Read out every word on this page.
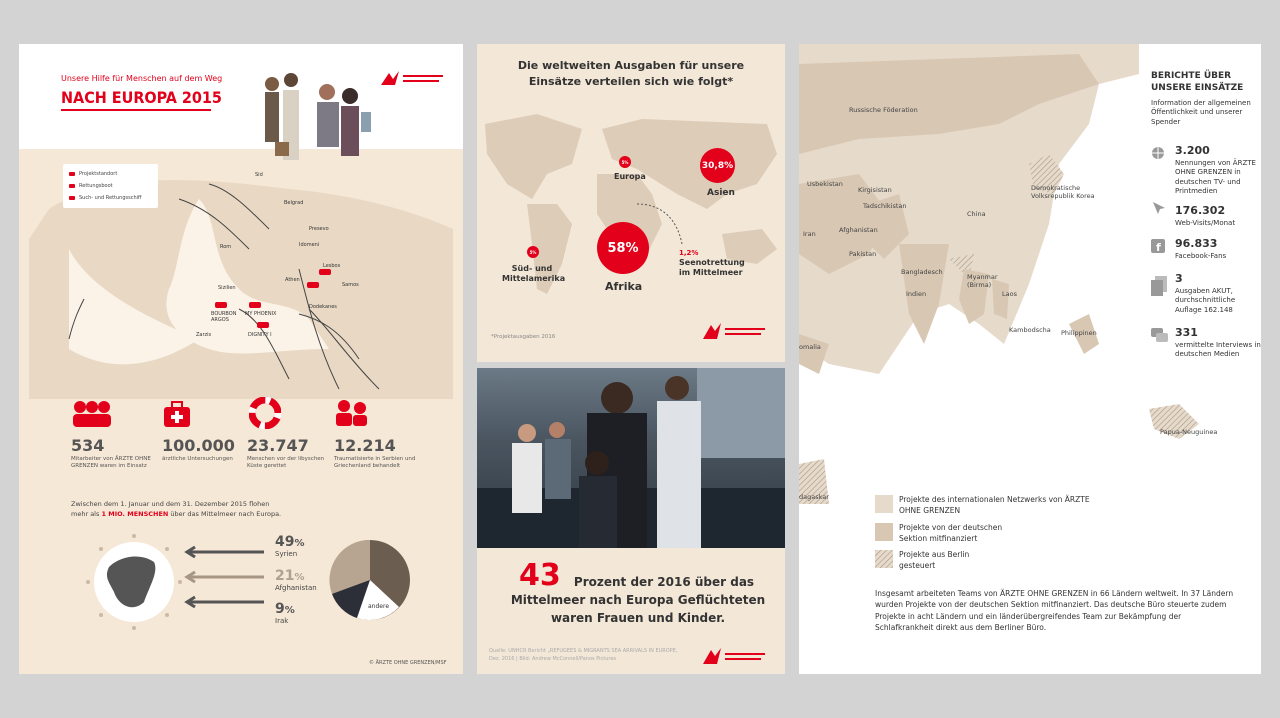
Unsere Hilfe für Menschen auf dem Weg
NACH EUROPA 2015
Projektstandort
Rettungsboot
Such- und Rettungsschiff
Sid
Belgrad
Presevo
Idomeni
Rom
Lesbos
Athen
Samos
Sizilien
Dodekanes
BOURBON ARGOS
MY PHOENIX
DIGNITY I
Zarzis
534
Mitarbeiter von ÄRZTE OHNE GRENZEN waren im Einsatz
100.000
ärztliche Untersuchungen
23.747
Menschen vor der libyschen Küste gerettet
12.214
Traumatisierte in Serbien und Griechenland behandelt
Zwischen dem 1. Januar und dem 31. Dezember 2015 flohen
mehr als 1 MIO. MENSCHEN über das Mittelmeer nach Europa.
49%
Syrien
21%
Afghanistan
9%
Irak
andere
© ÄRZTE OHNE GRENZEN/MSF
Die weltweiten Ausgaben für unsere Einsätze verteilen sich wie folgt*
5%
Europa
30,8%
Asien
58%
Afrika
5%
Süd- und Mittelamerika
1,2%
Seenotrettung im Mittelmeer
*Projektausgaben 2016
43	Prozent der 2016 über das Mittelmeer nach Europa Geflüchteten waren Frauen und Kinder.
Quelle: UNHCR Bericht „REFUGEES & MIGRANTS SEA ARRIVALS IN EUROPE, Dez. 2016 | Bild: Andrew McConnell/Panos Pictures
Russische Föderation
Usbekistan
Kirgisistan
Tadschikistan
Afghanistan
Iran
Pakistan
Indien
Bangladesch
Myanmar (Birma)
Laos
China
Demokratische Volksrepublik Korea
Kambodscha Philippinen
Papua-Neuguinea
omalia
dagaskar
BERICHTE ÜBER UNSERE EINSÄTZE
Information der allgemeinen Öffentlichkeit und unserer Spender
3.200
Nennungen von ÄRZTE OHNE GRENZEN in deutschen TV- und Printmedien
176.302
Web-Visits/Monat
f 96.833
Facebook-Fans
3
Ausgaben AKUT, durchschnittliche Auflage 162.148
331
vermittelte Interviews in deutschen Medien
Projekte des internationalen Netzwerks von ÄRZTE OHNE GRENZEN
Projekte von der deutschen Sektion mitfinanziert
Projekte aus Berlin gesteuert
Insgesamt arbeiteten Teams von ÄRZTE OHNE GRENZEN in 66 Ländern weltweit. In 37 Ländern wurden Projekte von der deutschen Sektion mitfinanziert. Das deutsche Büro steuerte zudem Projekte in acht Ländern und ein länderübergreifendes Team zur Bekämpfung der Schlafkrankheit direkt aus dem Berliner Büro.
